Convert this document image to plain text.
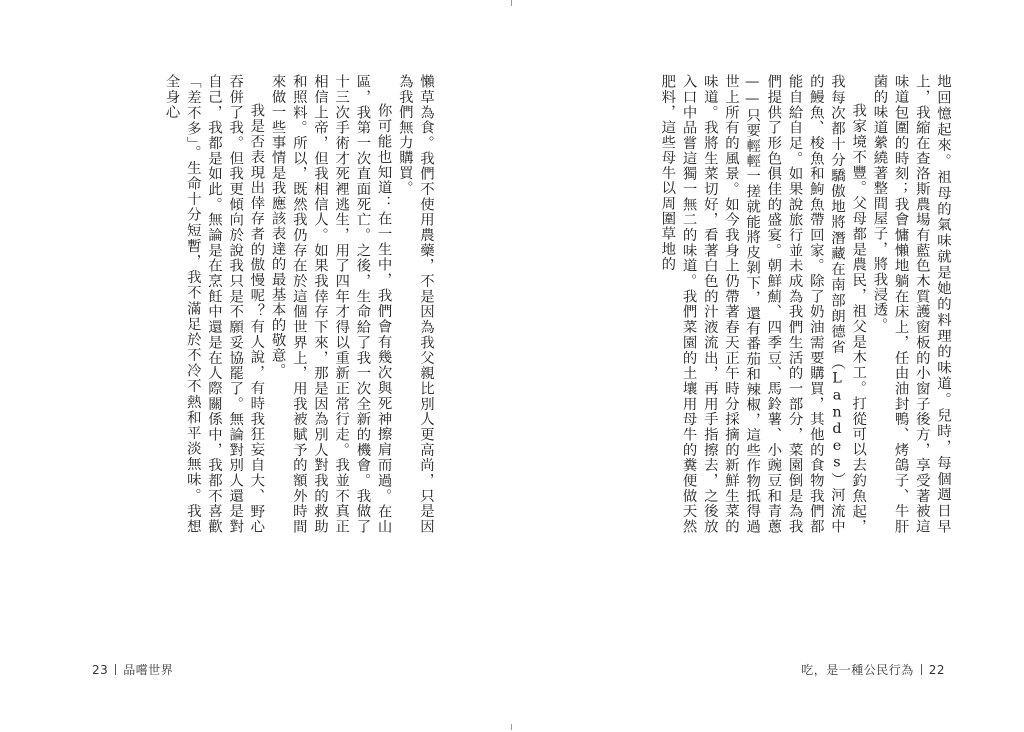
懶草為食。我們不使用農藥，不是因為我父親比別人更高尚，只是因為我們無力購買。

你可能也知道：在一生中，我們會有幾次與死神擦肩而過。在山區，我第一次直面死亡。之後，生命給了我一次全新的機會。我做了十三次手術才死裡逃生，用了四年才得以重新正常行走。我並不真正相信上帝，但我相信人。如果我倖存下來，那是因為別人對我的救助和照料。所以，既然我仍存在於這個世界上，用我被賦予的額外時間來做一些事情是我應該表達的最基本的敬意。

我是否表現出倖存者的傲慢呢？有人說，有時我狂妄自大、野心吞併了我。但我更傾向於說我只是不願妥協罷了。無論對別人還是對自己，我都是如此。無論是在烹飪中還是在人際關係中，我都不喜歡「差不多」。生命十分短暫，我不滿足於不冷不熱和平淡無味。我想全身心

23 品嚐世界

地回憶起來。祖母的氣味就是她的料理的味道。兒時，每個週日早上，我縮在查洛斯農場有藍色木質護窗板的小窗子後方，享受著被這味道包圍的時刻；我會慵懶地躺在床上，任由油封鴨、烤鴿子、牛肝菌的味道縈繞著整間屋子，將我浸透。

我家境不豐。父母都是農民，祖父是木工。打從可以去釣魚起，我每次都十分驕傲地將潛藏在南部朗德省（Landes）河流中的鰻魚、梭魚和鮈魚帶回家。除了奶油需要購買，其他的食物我們都能自給自足。如果說旅行並未成為我們生活的一部分，菜園倒是為我們提供了形色俱佳的盛宴。朝鮮薊、四季豆、馬鈴薯、小豌豆和青蔥——只要輕輕一搓就能將皮剝下，還有番茄和辣椒，這些作物抵得過世上所有的風景。如今我身上仍帶著春天正午時分採摘的新鮮生菜的味道。我將生菜切好，看著白色的汁液流出，再用手指擦去，之後放入口中品嘗這獨一無二的味道。我們菜園的土壤用母牛的糞便做天然肥料，這些母牛以周圍草地的

吃，是一種公民行為 22
